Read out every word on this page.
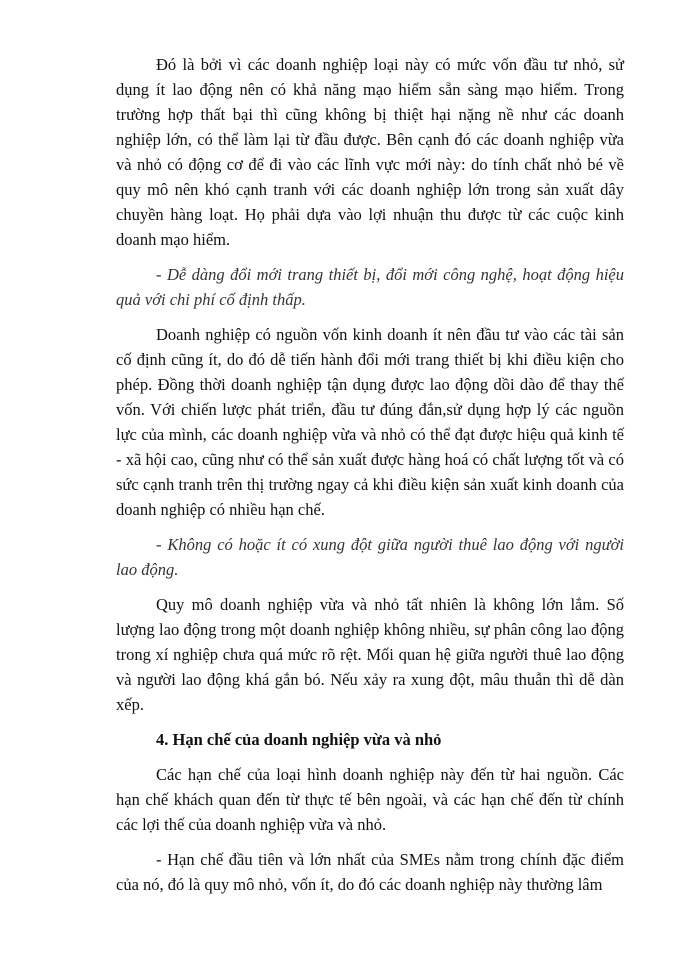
Đó là bởi vì các doanh nghiệp loại này có mức vốn đầu tư nhỏ, sử dụng ít lao động nên có khả năng mạo hiểm sẵn sàng mạo hiểm. Trong trường hợp thất bại thì cũng không bị thiệt hại nặng nề như các doanh nghiệp lớn, có thể làm lại từ đầu được. Bên cạnh đó các doanh nghiệp vừa và nhỏ có động cơ để đi vào các lĩnh vực mới này: do tính chất nhỏ bé về quy mô nên khó cạnh tranh với các doanh nghiệp lớn trong sản xuất dây chuyền hàng loạt. Họ phải dựa vào lợi nhuận thu được từ các cuộc kinh doanh mạo hiểm.

- Dễ dàng đổi mới trang thiết bị, đổi mới công nghệ, hoạt động hiệu quả với chi phí cố định thấp.

Doanh nghiệp có nguồn vốn kinh doanh ít nên đầu tư vào các tài sản cố định cũng ít, do đó dễ tiến hành đổi mới trang thiết bị khi điều kiện cho phép. Đồng thời doanh nghiệp tận dụng được lao động dồi dào để thay thế vốn. Với chiến lược phát triển, đầu tư đúng đắn,sử dụng hợp lý các nguồn lực của mình, các doanh nghiệp vừa và nhỏ có thể đạt được hiệu quả kinh tế - xã hội cao, cũng như có thể sản xuất được hàng hoá có chất lượng tốt và có sức cạnh tranh trên thị trường ngay cả khi điều kiện sản xuất kinh doanh của doanh nghiệp có nhiều hạn chế.

- Không có hoặc ít có xung đột giữa người thuê lao động với người lao động.

Quy mô doanh nghiệp vừa và nhỏ tất nhiên là không lớn lắm. Số lượng lao động trong một doanh nghiệp không nhiều, sự phân công lao động trong xí nghiệp chưa quá mức rõ rệt. Mối quan hệ giữa người thuê lao động và người lao động khá gắn bó. Nếu xảy ra xung đột, mâu thuẫn thì dễ dàn xếp.

4. Hạn chế của doanh nghiệp vừa và nhỏ

Các hạn chế của loại hình doanh nghiệp này đến từ hai nguồn. Các hạn chế khách quan đến từ thực tế bên ngoài, và các hạn chế đến từ chính các lợi thế của doanh nghiệp vừa và nhỏ.

- Hạn chế đầu tiên và lớn nhất của SMEs nằm trong chính đặc điểm của nó, đó là quy mô nhỏ, vốn ít, do đó các doanh nghiệp này thường lâm
